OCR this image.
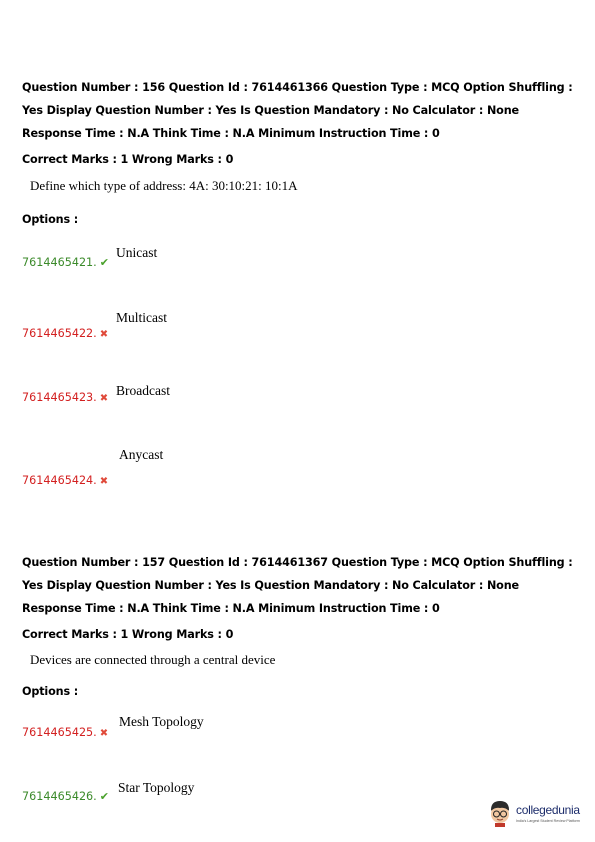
Question Number : 156 Question Id : 7614461366 Question Type : MCQ Option Shuffling : Yes Display Question Number : Yes Is Question Mandatory : No Calculator : None Response Time : N.A Think Time : N.A Minimum Instruction Time : 0
Correct Marks : 1 Wrong Marks : 0
Define which type of address: 4A: 30:10:21: 10:1A
Options :
7614465421. ✔
Unicast
7614465422. ✖
Multicast
7614465423. ✖
Broadcast
7614465424. ✖
Anycast
Question Number : 157 Question Id : 7614461367 Question Type : MCQ Option Shuffling : Yes Display Question Number : Yes Is Question Mandatory : No Calculator : None Response Time : N.A Think Time : N.A Minimum Instruction Time : 0
Correct Marks : 1 Wrong Marks : 0
Devices are connected through a central device
Options :
7614465425. ✖
Mesh Topology
7614465426. ✔
Star Topology
collegedunia
India's Largest Student Review Platform
